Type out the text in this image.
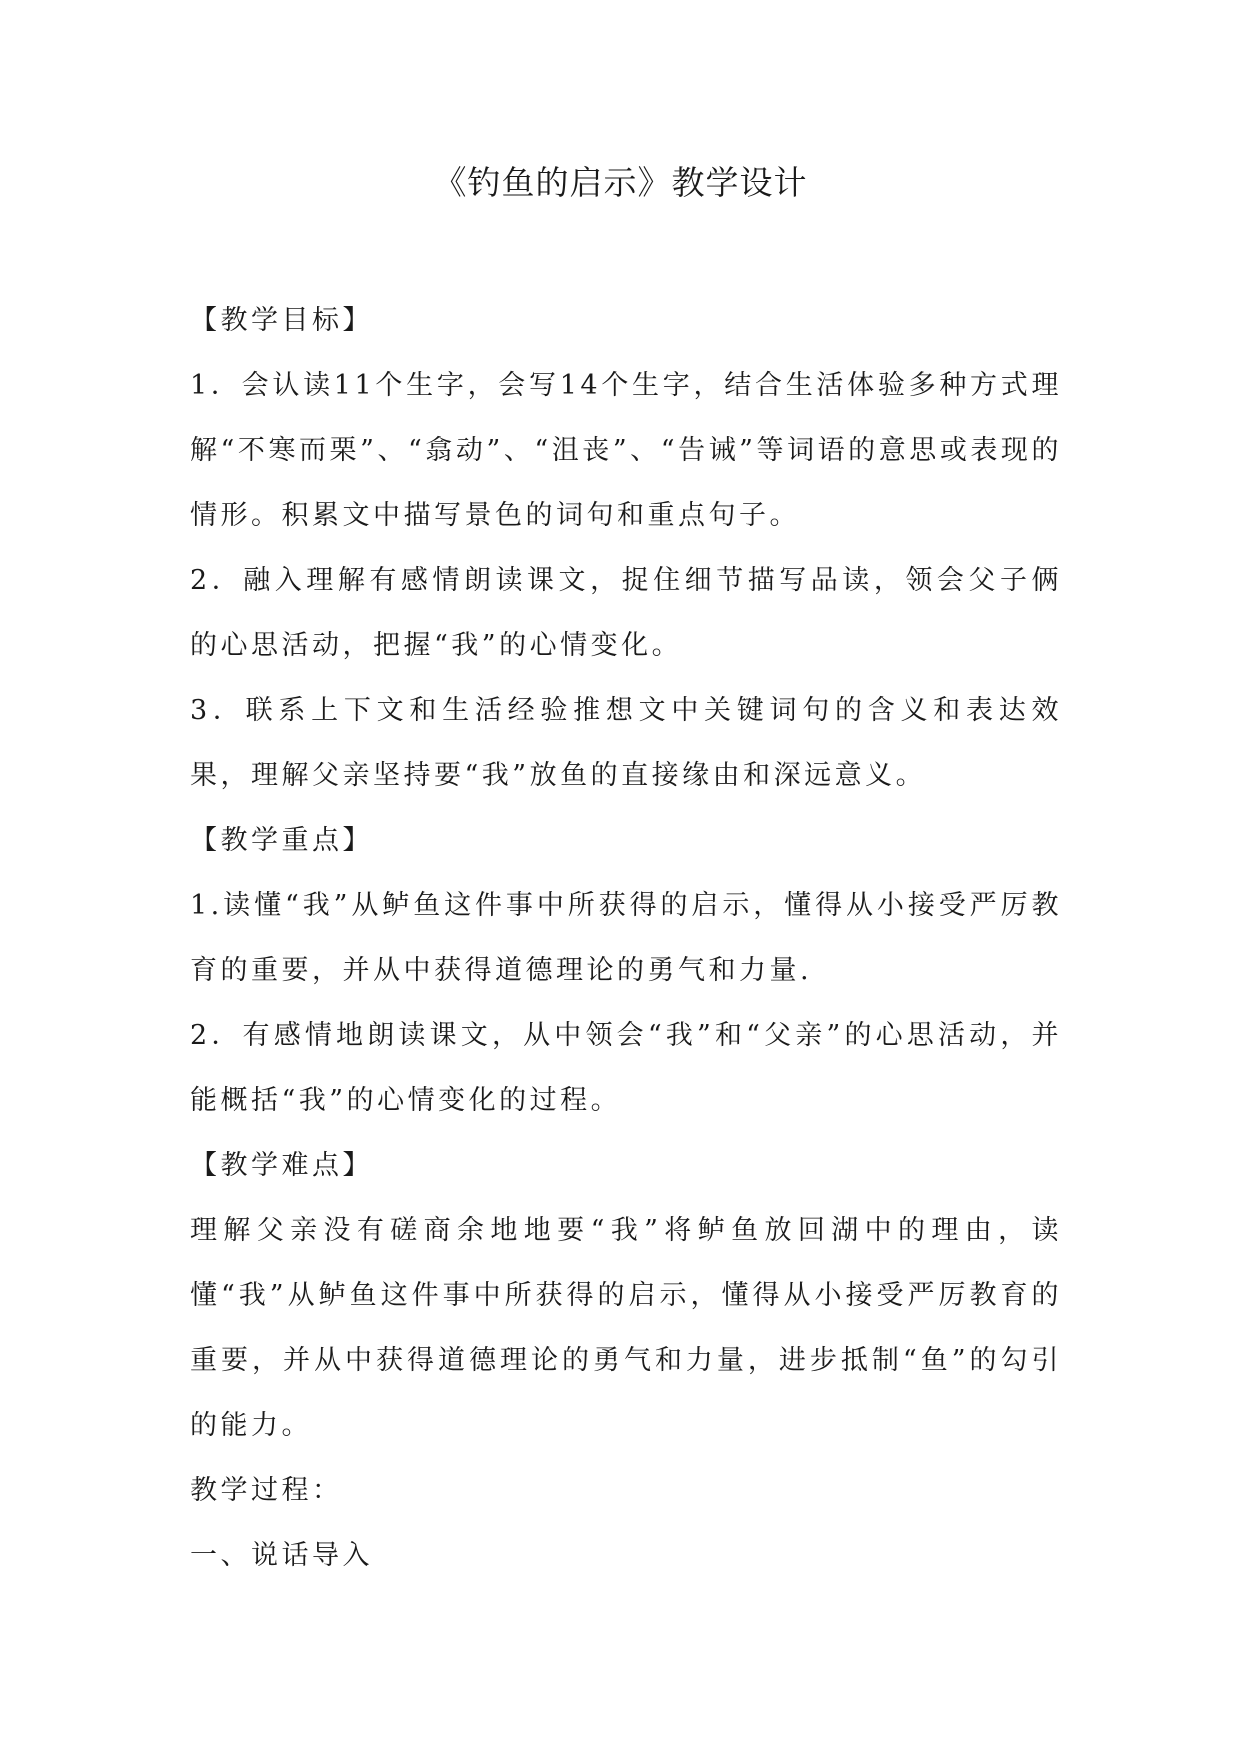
《钓鱼的启示》教学设计

【教学目标】

1．会认读11个生字，会写14个生字，结合生活体验多种方式理解“不寒而栗”、“翕动”、“沮丧”、“告诫”等词语的意思或表现的情形。积累文中描写景色的词句和重点句子。

2．融入理解有感情朗读课文，捉住细节描写品读，领会父子俩的心思活动，把握“我”的心情变化。

3．联系上下文和生活经验推想文中关键词句的含义和表达效果，理解父亲坚持要“我”放鱼的直接缘由和深远意义。

【教学重点】

1.读懂“我”从鲈鱼这件事中所获得的启示，懂得从小接受严厉教育的重要，并从中获得道德理论的勇气和力量.

2．有感情地朗读课文，从中领会“我”和“父亲”的心思活动，并能概括“我”的心情变化的过程。

【教学难点】

理解父亲没有磋商余地地要“我”将鲈鱼放回湖中的理由，读懂“我”从鲈鱼这件事中所获得的启示，懂得从小接受严厉教育的重要，并从中获得道德理论的勇气和力量，进步抵制“鱼”的勾引的能力。

教学过程：

一、说话导入
